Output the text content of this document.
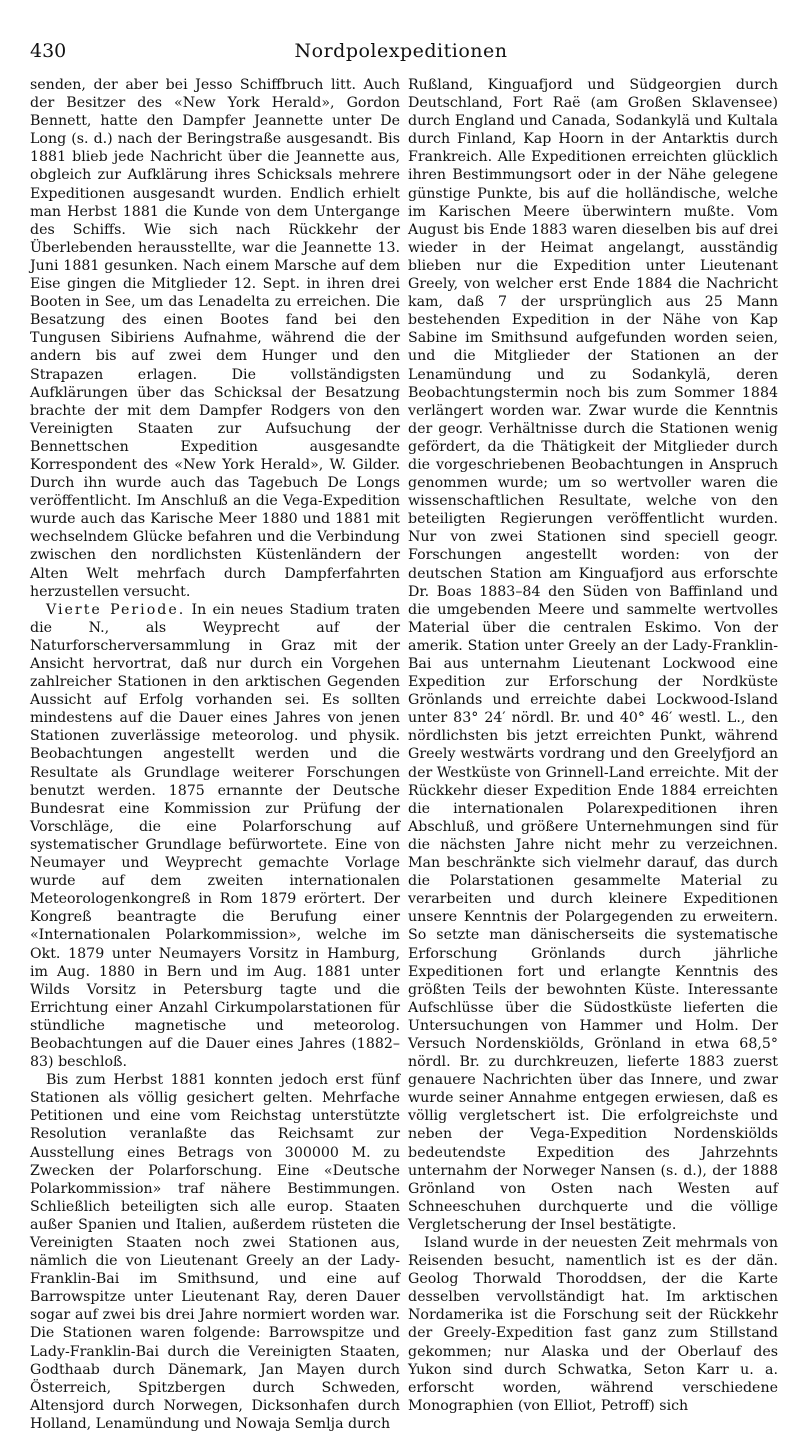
430	Nordpolexpeditionen

senden, der aber bei Jesso Schiffbruch litt. Auch der Besitzer des «New York Herald», Gordon Bennett, hatte den Dampfer Jeannette unter De Long (s. d.) nach der Beringstraße ausgesandt. Bis 1881 blieb jede Nachricht über die Jeannette aus, obgleich zur Aufklärung ihres Schicksals mehrere Expeditionen ausgesandt wurden. Endlich erhielt man Herbst 1881 die Kunde von dem Untergange des Schiffs. Wie sich nach Rückkehr der Überlebenden herausstellte, war die Jeannette 13. Juni 1881 gesunken. Nach einem Marsche auf dem Eise gingen die Mitglieder 12. Sept. in ihren drei Booten in See, um das Lenadelta zu erreichen. Die Besatzung des einen Bootes fand bei den Tungusen Sibiriens Aufnahme, während die der andern bis auf zwei dem Hunger und den Strapazen erlagen. Die vollständigsten Aufklärungen über das Schicksal der Besatzung brachte der mit dem Dampfer Rodgers von den Vereinigten Staaten zur Aufsuchung der Bennettschen Expedition ausgesandte Korrespondent des «New York Herald», W. Gilder. Durch ihn wurde auch das Tagebuch De Longs veröffentlicht. Im Anschluß an die Vega-Expedition wurde auch das Karische Meer 1880 und 1881 mit wechselndem Glücke befahren und die Verbindung zwischen den nordlichsten Küstenländern der Alten Welt mehrfach durch Dampferfahrten herzustellen versucht.

Vierte Periode. In ein neues Stadium traten die N., als Weyprecht auf der Naturforscherversammlung in Graz mit der Ansicht hervortrat, daß nur durch ein Vorgehen zahlreicher Stationen in den arktischen Gegenden Aussicht auf Erfolg vorhanden sei. Es sollten mindestens auf die Dauer eines Jahres von jenen Stationen zuverlässige meteorolog. und physik. Beobachtungen angestellt werden und die Resultate als Grundlage weiterer Forschungen benutzt werden. 1875 ernannte der Deutsche Bundesrat eine Kommission zur Prüfung der Vorschläge, die eine Polarforschung auf systematischer Grundlage befürwortete. Eine von Neumayer und Weyprecht gemachte Vorlage wurde auf dem zweiten internationalen Meteorologenkongreß in Rom 1879 erörtert. Der Kongreß beantragte die Berufung einer «Internationalen Polarkommission», welche im Okt. 1879 unter Neumayers Vorsitz in Hamburg, im Aug. 1880 in Bern und im Aug. 1881 unter Wilds Vorsitz in Petersburg tagte und die Errichtung einer Anzahl Cirkumpolarstationen für stündliche magnetische und meteorolog. Beobachtungen auf die Dauer eines Jahres (1882–83) beschloß.

Bis zum Herbst 1881 konnten jedoch erst fünf Stationen als völlig gesichert gelten. Mehrfache Petitionen und eine vom Reichstag unterstützte Resolution veranlaßte das Reichsamt zur Ausstellung eines Betrags von 300000 M. zu Zwecken der Polarforschung. Eine «Deutsche Polarkommission» traf nähere Bestimmungen. Schließlich beteiligten sich alle europ. Staaten außer Spanien und Italien, außerdem rüsteten die Vereinigten Staaten noch zwei Stationen aus, nämlich die von Lieutenant Greely an der Lady-Franklin-Bai im Smithsund, und eine auf Barrowspitze unter Lieutenant Ray, deren Dauer sogar auf zwei bis drei Jahre normiert worden war. Die Stationen waren folgende: Barrowspitze und Lady-Franklin-Bai durch die Vereinigten Staaten, Godthaab durch Dänemark, Jan Mayen durch Österreich, Spitzbergen durch Schweden, Altensjord durch Norwegen, Dicksonhafen durch Holland, Lenamündung und Nowaja Semlja durch

Rußland, Kinguafjord und Südgeorgien durch Deutschland, Fort Raë (am Großen Sklavensee) durch England und Canada, Sodankylä und Kultala durch Finland, Kap Hoorn in der Antarktis durch Frankreich. Alle Expeditionen erreichten glücklich ihren Bestimmungsort oder in der Nähe gelegene günstige Punkte, bis auf die holländische, welche im Karischen Meere überwintern mußte. Vom August bis Ende 1883 waren dieselben bis auf drei wieder in der Heimat angelangt, ausständig blieben nur die Expedition unter Lieutenant Greely, von welcher erst Ende 1884 die Nachricht kam, daß 7 der ursprünglich aus 25 Mann bestehenden Expedition in der Nähe von Kap Sabine im Smithsund aufgefunden worden seien, und die Mitglieder der Stationen an der Lenamündung und zu Sodankylä, deren Beobachtungstermin noch bis zum Sommer 1884 verlängert worden war. Zwar wurde die Kenntnis der geogr. Verhältnisse durch die Stationen wenig gefördert, da die Thätigkeit der Mitglieder durch die vorgeschriebenen Beobachtungen in Anspruch genommen wurde; um so wertvoller waren die wissenschaftlichen Resultate, welche von den beteiligten Regierungen veröffentlicht wurden. Nur von zwei Stationen sind speciell geogr. Forschungen angestellt worden: von der deutschen Station am Kinguafjord aus erforschte Dr. Boas 1883–84 den Süden von Baffinland und die umgebenden Meere und sammelte wertvolles Material über die centralen Eskimo. Von der amerik. Station unter Greely an der Lady-Franklin-Bai aus unternahm Lieutenant Lockwood eine Expedition zur Erforschung der Nordküste Grönlands und erreichte dabei Lockwood-Island unter 83° 24′ nördl. Br. und 40° 46′ westl. L., den nördlichsten bis jetzt erreichten Punkt, während Greely westwärts vordrang und den Greelyfjord an der Westküste von Grinnell-Land erreichte. Mit der Rückkehr dieser Expedition Ende 1884 erreichten die internationalen Polarexpeditionen ihren Abschluß, und größere Unternehmungen sind für die nächsten Jahre nicht mehr zu verzeichnen. Man beschränkte sich vielmehr darauf, das durch die Polarstationen gesammelte Material zu verarbeiten und durch kleinere Expeditionen unsere Kenntnis der Polargegenden zu erweitern. So setzte man dänischerseits die systematische Erforschung Grönlands durch jährliche Expeditionen fort und erlangte Kenntnis des größten Teils der bewohnten Küste. Interessante Aufschlüsse über die Südostküste lieferten die Untersuchungen von Hammer und Holm. Der Versuch Nordenskiölds, Grönland in etwa 68,5° nördl. Br. zu durchkreuzen, lieferte 1883 zuerst genauere Nachrichten über das Innere, und zwar wurde seiner Annahme entgegen erwiesen, daß es völlig vergletschert ist. Die erfolgreichste und neben der Vega-Expedition Nordenskiölds bedeutendste Expedition des Jahrzehnts unternahm der Norweger Nansen (s. d.), der 1888 Grönland von Osten nach Westen auf Schneeschuhen durchquerte und die völlige Vergletscherung der Insel bestätigte.

Island wurde in der neuesten Zeit mehrmals von Reisenden besucht, namentlich ist es der dän. Geolog Thorwald Thoroddsen, der die Karte desselben vervollständigt hat. Im arktischen Nordamerika ist die Forschung seit der Rückkehr der Greely-Expedition fast ganz zum Stillstand gekommen; nur Alaska und der Oberlauf des Yukon sind durch Schwatka, Seton Karr u. a. erforscht worden, während verschiedene Monographien (von Elliot, Petroff) sich
